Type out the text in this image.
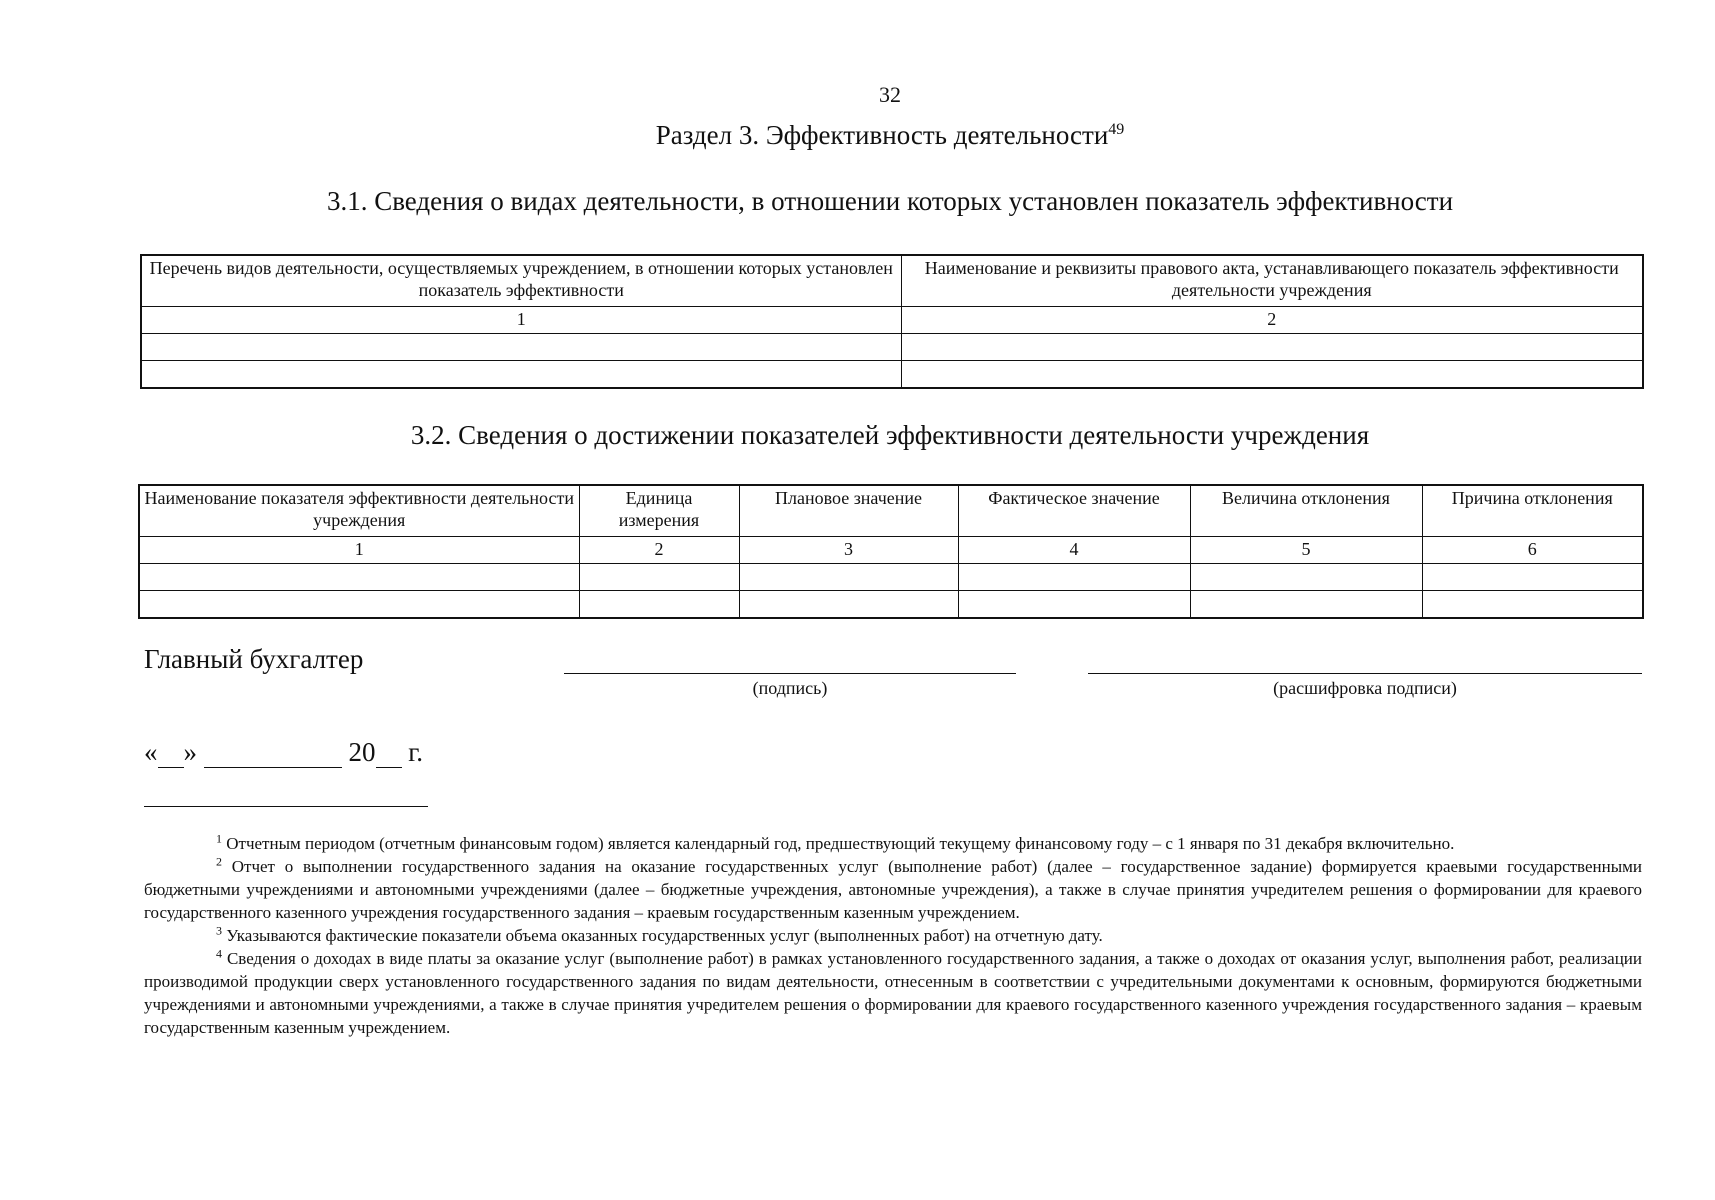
32
Раздел 3. Эффективность деятельности$^{49}$
3.1. Сведения о видах деятельности, в отношении которых установлен показатель эффективности
Перечень видов деятельности, осуществляемых учреждением, в отношении которых установлен показатель эффективности	Наименование и реквизиты правового акта, устанавливающего показатель эффективности деятельности учреждения
1	2

3.2. Сведения о достижении показателей эффективности деятельности учреждения
Наименование показателя эффективности деятельности учреждения	Единица измерения	Плановое значение	Фактическое значение	Величина отклонения	Причина отклонения
1	2	3	4	5	6

Главный бухгалтер
(подпись)	(расшифровка подписи)
« »	20 г.

$^1$ Отчетным периодом (отчетным финансовым годом) является календарный год, предшествующий текущему финансовому году – с 1 января по 31 декабря включительно.

$^2$ Отчет о выполнении государственного задания на оказание государственных услуг (выполнение работ) (далее – государственное задание) формируется краевыми государственными бюджетными учреждениями и автономными учреждениями (далее – бюджетные учреждения, автономные учреждения), а также в случае принятия учредителем решения о формировании для краевого государственного казенного учреждения государственного задания – краевым государственным казенным учреждением.

$^3$ Указываются фактические показатели объема оказанных государственных услуг (выполненных работ) на отчетную дату.

$^4$ Сведения о доходах в виде платы за оказание услуг (выполнение работ) в рамках установленного государственного задания, а также о доходах от оказания услуг, выполнения работ, реализации производимой продукции сверх установленного государственного задания по видам деятельности, отнесенным в соответствии с учредительными документами к основным, формируются бюджетными учреждениями и автономными учреждениями, а также в случае принятия учредителем решения о формировании для краевого государственного казенного учреждения государственного задания – краевым государственным казенным учреждением.
